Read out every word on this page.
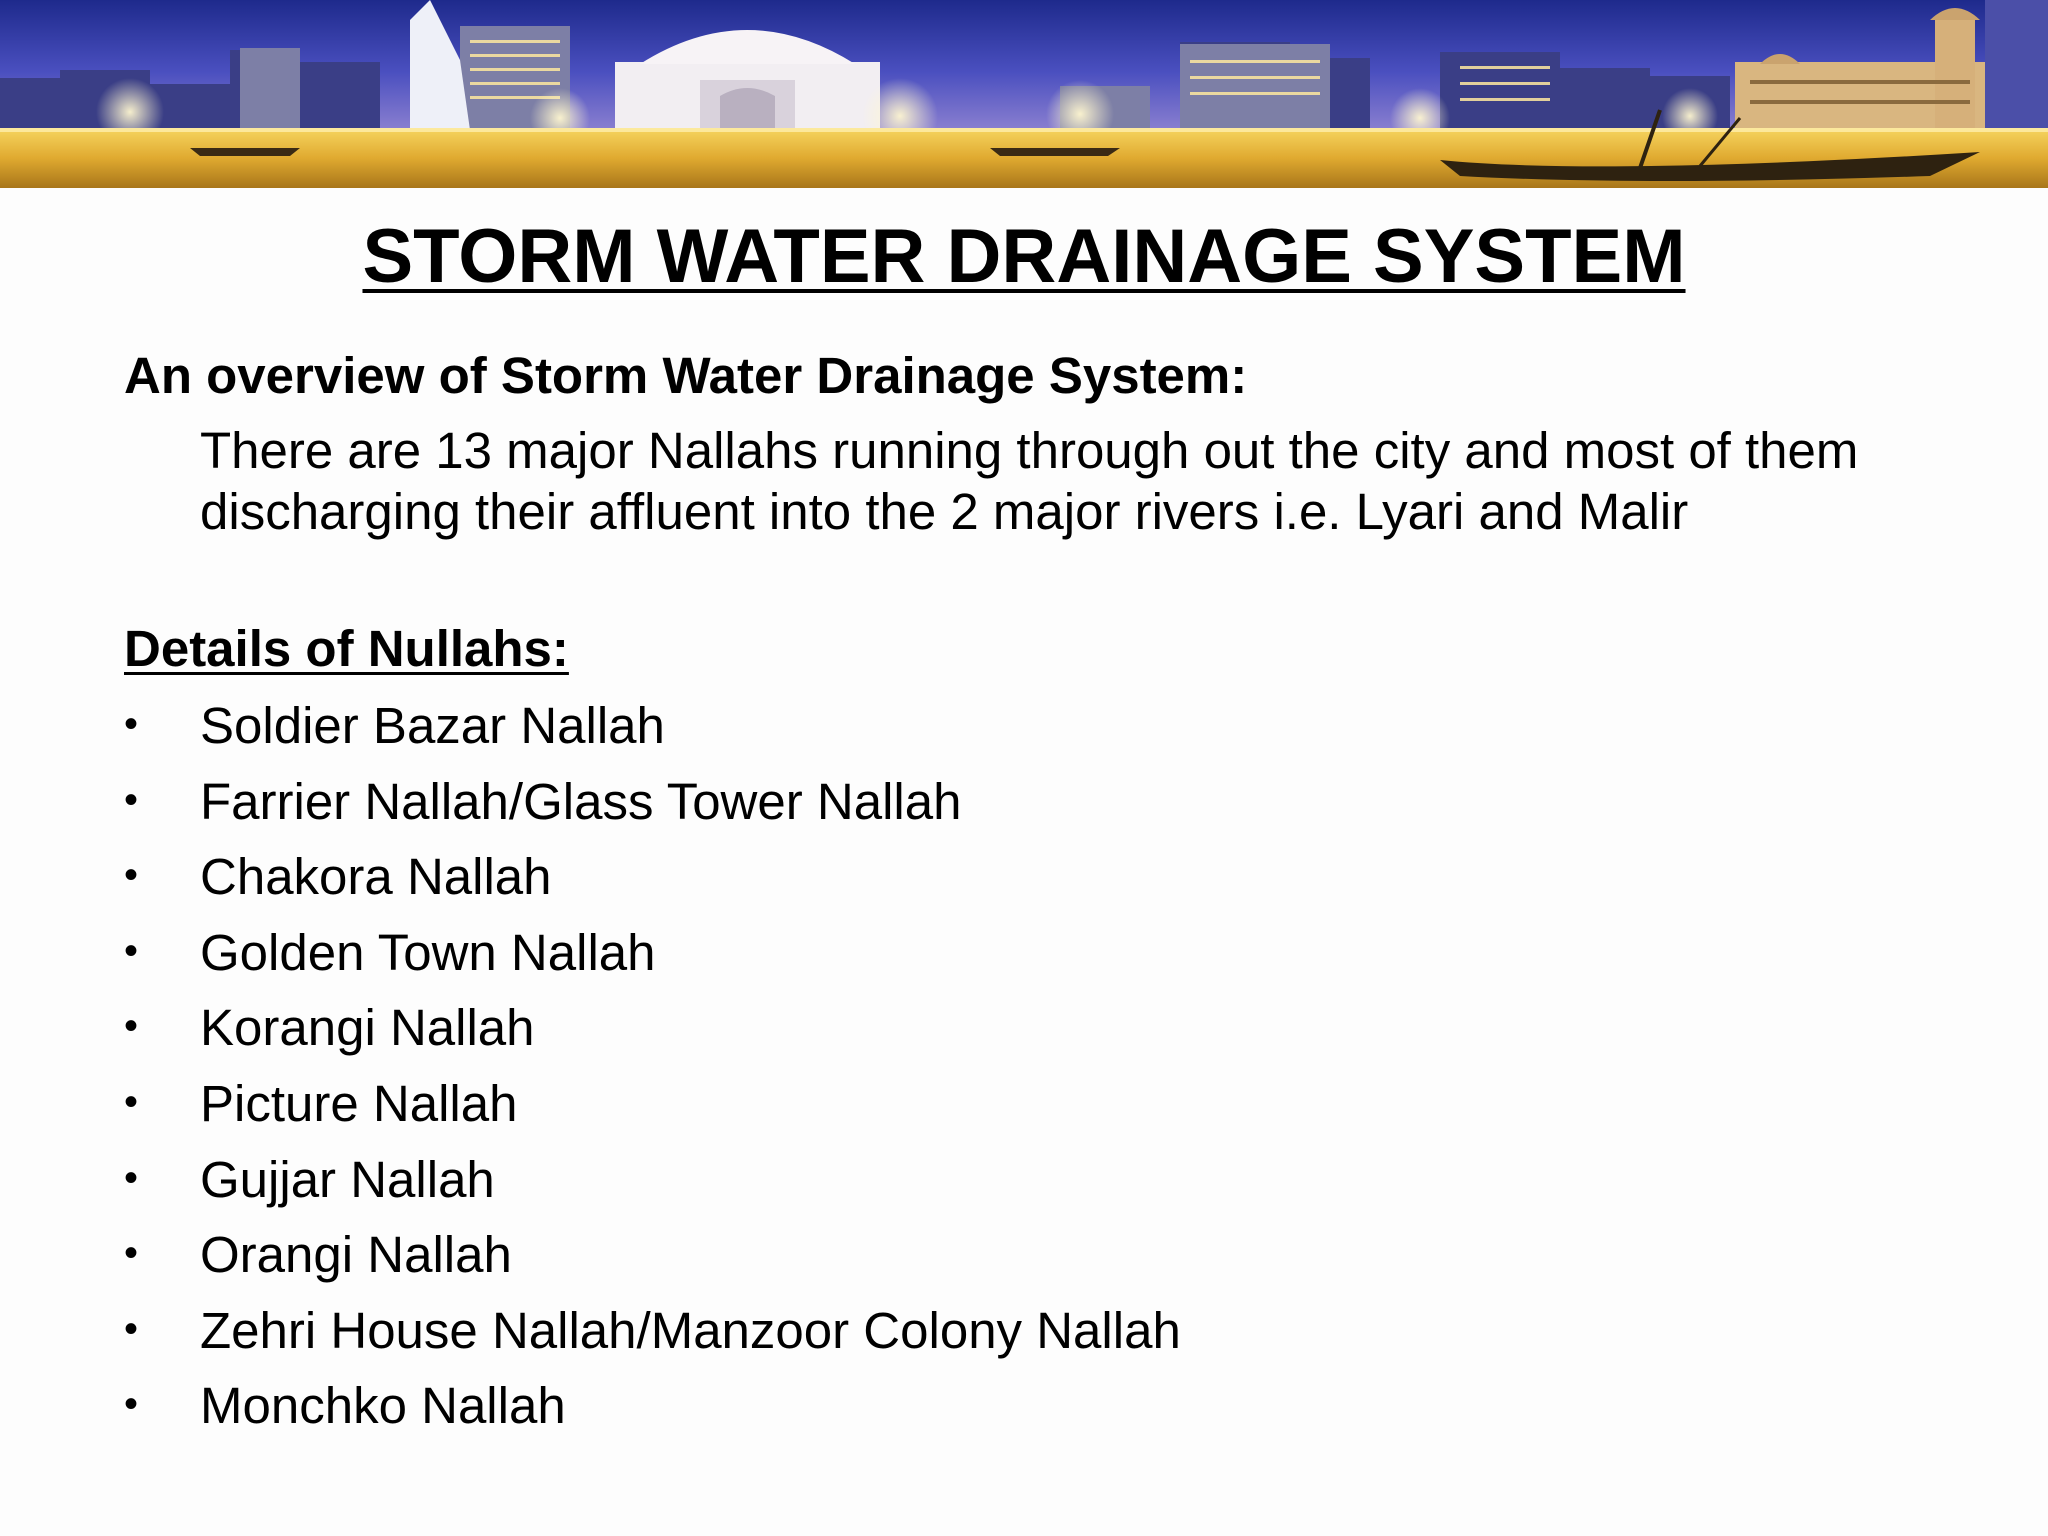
STORM WATER DRAINAGE SYSTEM
An overview of Storm Water Drainage System:
There are 13 major Nallahs running through out the city and most of them discharging their affluent into the 2 major rivers i.e. Lyari and Malir
Details of Nullahs:
• Soldier Bazar Nallah
• Farrier Nallah/Glass Tower Nallah
• Chakora Nallah
• Golden Town Nallah
• Korangi Nallah
• Picture Nallah
• Gujjar Nallah
• Orangi Nallah
• Zehri House Nallah/Manzoor Colony Nallah
• Monchko Nallah
